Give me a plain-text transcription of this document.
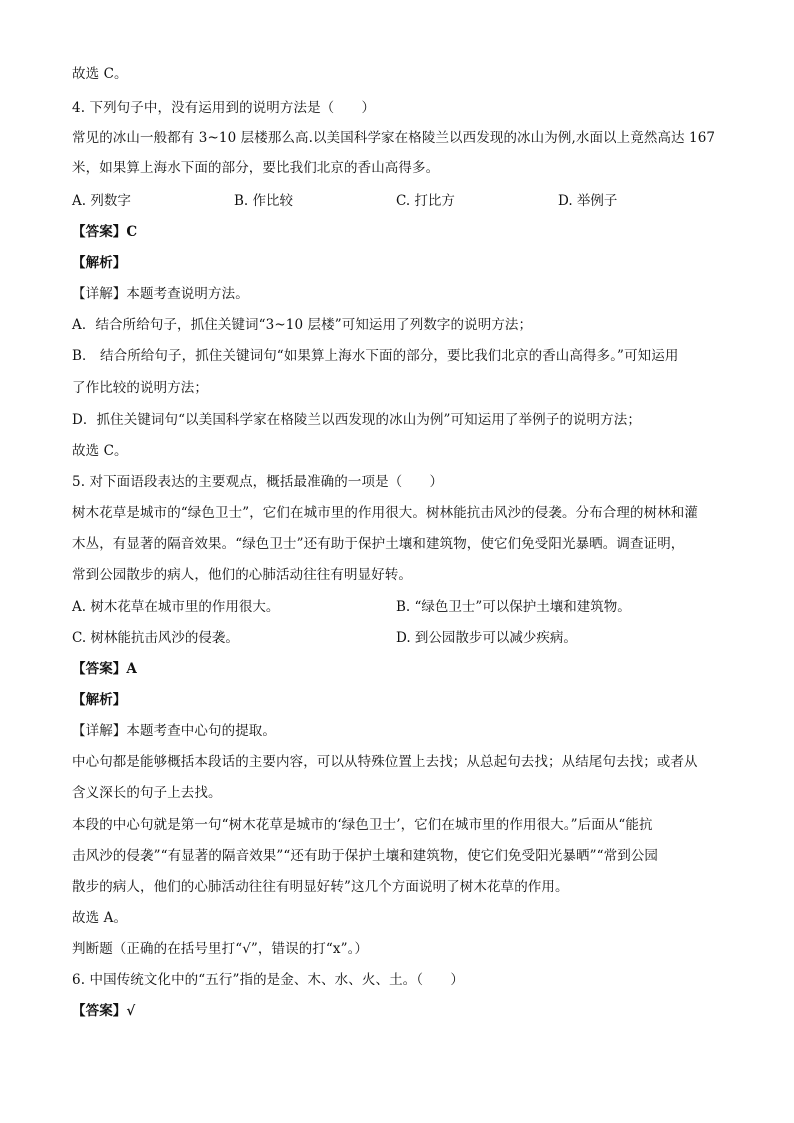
故选 C。
4. 下列句子中，没有运用到的说明方法是（　　）
常见的冰山一般都有 3~10 层楼那么高.以美国科学家在格陵兰以西发现的冰山为例,水面以上竟然高达 167
米，如果算上海水下面的部分，要比我们北京的香山高得多。
A. 列数字	B. 作比较	C. 打比方	D. 举例子
【答案】C
【解析】
【详解】本题考查说明方法。
A．结合所给句子，抓住关键词“3~10 层楼”可知运用了列数字的说明方法；
B． 结合所给句子，抓住关键词句“如果算上海水下面的部分，要比我们北京的香山高得多。”可知运用
了作比较的说明方法；
D．抓住关键词句“以美国科学家在格陵兰以西发现的冰山为例”可知运用了举例子的说明方法；
故选 C。
5. 对下面语段表达的主要观点，概括最准确的一项是（　　）
树木花草是城市的“绿色卫士”，它们在城市里的作用很大。树林能抗击风沙的侵袭。分布合理的树林和灌
木丛，有显著的隔音效果。“绿色卫士”还有助于保护土壤和建筑物，使它们免受阳光暴晒。调查证明，
常到公园散步的病人，他们的心肺活动往往有明显好转。
A. 树木花草在城市里的作用很大。	B. “绿色卫士”可以保护土壤和建筑物。
C. 树林能抗击风沙的侵袭。	D. 到公园散步可以减少疾病。
【答案】A
【解析】
【详解】本题考查中心句的提取。
中心句都是能够概括本段话的主要内容，可以从特殊位置上去找；从总起句去找；从结尾句去找；或者从
含义深长的句子上去找。
本段的中心句就是第一句“树木花草是城市的‘绿色卫士’，它们在城市里的作用很大。”后面从“能抗
击风沙的侵袭”“有显著的隔音效果”“还有助于保护土壤和建筑物，使它们免受阳光暴晒”“常到公园
散步的病人，他们的心肺活动往往有明显好转”这几个方面说明了树木花草的作用。
故选 A。
判断题（正确的在括号里打“√”，错误的打“x”。）
6. 中国传统文化中的“五行”指的是金、木、水、火、土。（　　）
【答案】√
